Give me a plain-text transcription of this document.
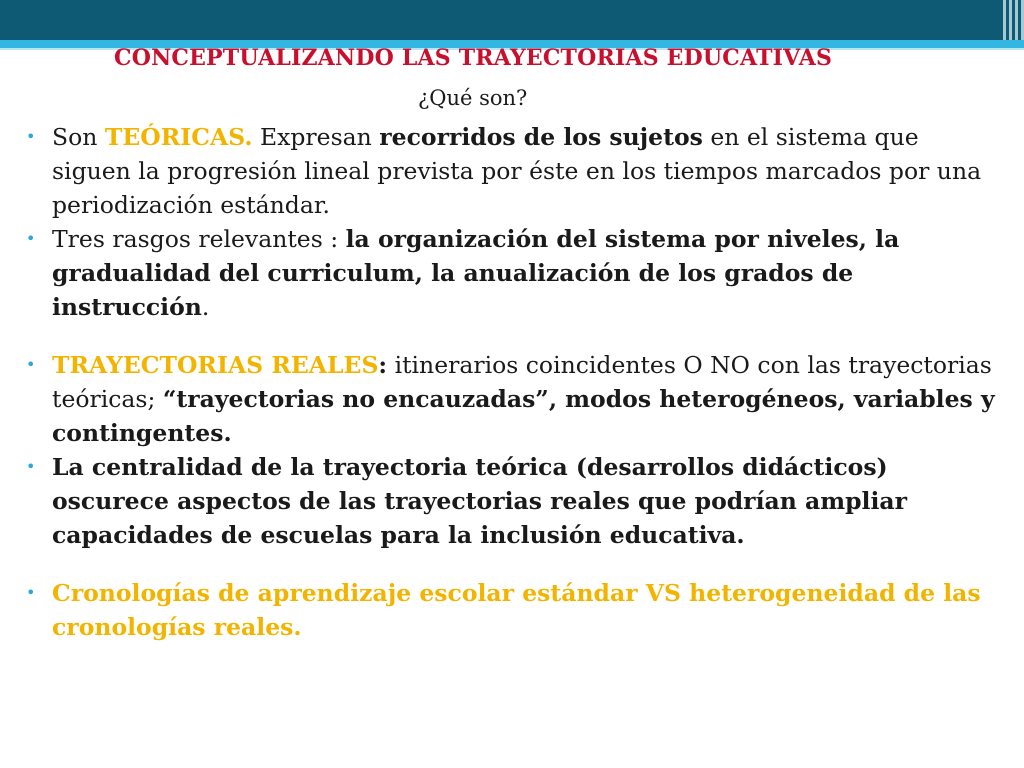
CONCEPTUALIZANDO LAS TRAYECTORIAS EDUCATIVAS
¿Qué son?
• Son TEÓRICAS. Expresan recorridos de los sujetos en el sistema que siguen la progresión lineal prevista por éste en los tiempos marcados por una periodización estándar.
• Tres rasgos relevantes : la organización del sistema por niveles, la gradualidad del curriculum, la anualización de los grados de instrucción.
• TRAYECTORIAS REALES: itinerarios coincidentes O NO con las trayectorias teóricas; “trayectorias no encauzadas”, modos heterogéneos, variables y contingentes.
• La centralidad de la trayectoria teórica (desarrollos didácticos) oscurece aspectos de las trayectorias reales que podrían ampliar capacidades de escuelas para la inclusión educativa.
• Cronologías de aprendizaje escolar estándar VS heterogeneidad de las cronologías reales.
